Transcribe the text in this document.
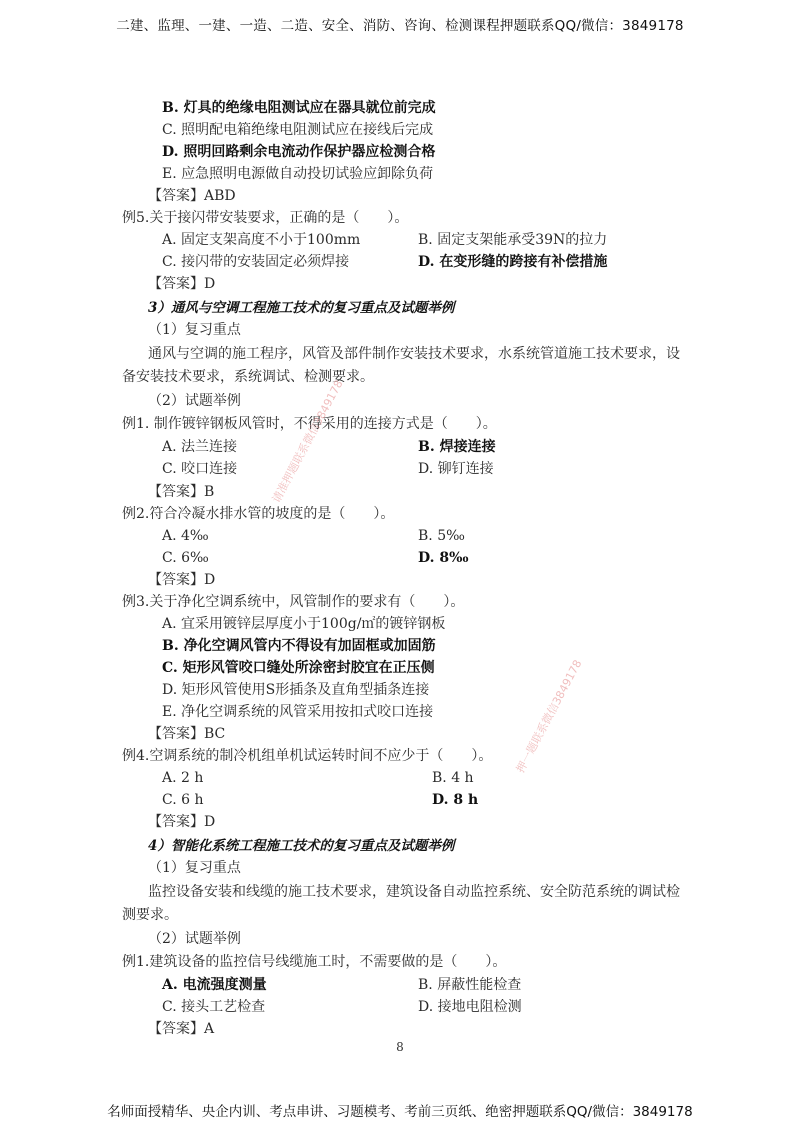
二建、监理、一建、一造、二造、安全、消防、咨询、检测课程押题联系QQ/微信：3849178
B. 灯具的绝缘电阻测试应在器具就位前完成
C. 照明配电箱绝缘电阻测试应在接线后完成
D. 照明回路剩余电流动作保护器应检测合格
E. 应急照明电源做自动投切试验应卸除负荷
【答案】ABD
例5.关于接闪带安装要求，正确的是（　　）。
A. 固定支架高度不小于100mm	B. 固定支架能承受39N的拉力
C. 接闪带的安装固定必须焊接	D. 在变形缝的跨接有补偿措施
【答案】D
3）通风与空调工程施工技术的复习重点及试题举例
（1）复习重点
通风与空调的施工程序，风管及部件制作安装技术要求，水系统管道施工技术要求，设
备安装技术要求，系统调试、检测要求。
（2）试题举例
例1. 制作镀锌钢板风管时，不得采用的连接方式是（　　）。
A. 法兰连接	B. 焊接连接
C. 咬口连接	D. 铆钉连接
【答案】B
例2.符合冷凝水排水管的坡度的是（　　）。
A. 4‰	B. 5‰
C. 6‰	D. 8‰
【答案】D
例3.关于净化空调系统中，风管制作的要求有（　　）。
A. 宜采用镀锌层厚度小于100g/㎡的镀锌钢板
B. 净化空调风管内不得设有加固框或加固筋
C. 矩形风管咬口缝处所涂密封胶宜在正压侧
D. 矩形风管使用S形插条及直角型插条连接
E. 净化空调系统的风管采用按扣式咬口连接
【答案】BC
例4.空调系统的制冷机组单机试运转时间不应少于（　　）。
A. 2 h	B. 4 h
C. 6 h	D. 8 h
【答案】D
4）智能化系统工程施工技术的复习重点及试题举例
（1）复习重点
监控设备安装和线缆的施工技术要求，建筑设备自动监控系统、安全防范系统的调试检
测要求。
（2）试题举例
例1.建筑设备的监控信号线缆施工时，不需要做的是（　　）。
A. 电流强度测量	B. 屏蔽性能检查
C. 接头工艺检查	D. 接地电阻检测
【答案】A
请准押题联系微信3849178
押一题联系微信3849178
8
名师面授精华、央企内训、考点串讲、习题模考、考前三页纸、绝密押题联系QQ/微信：3849178
